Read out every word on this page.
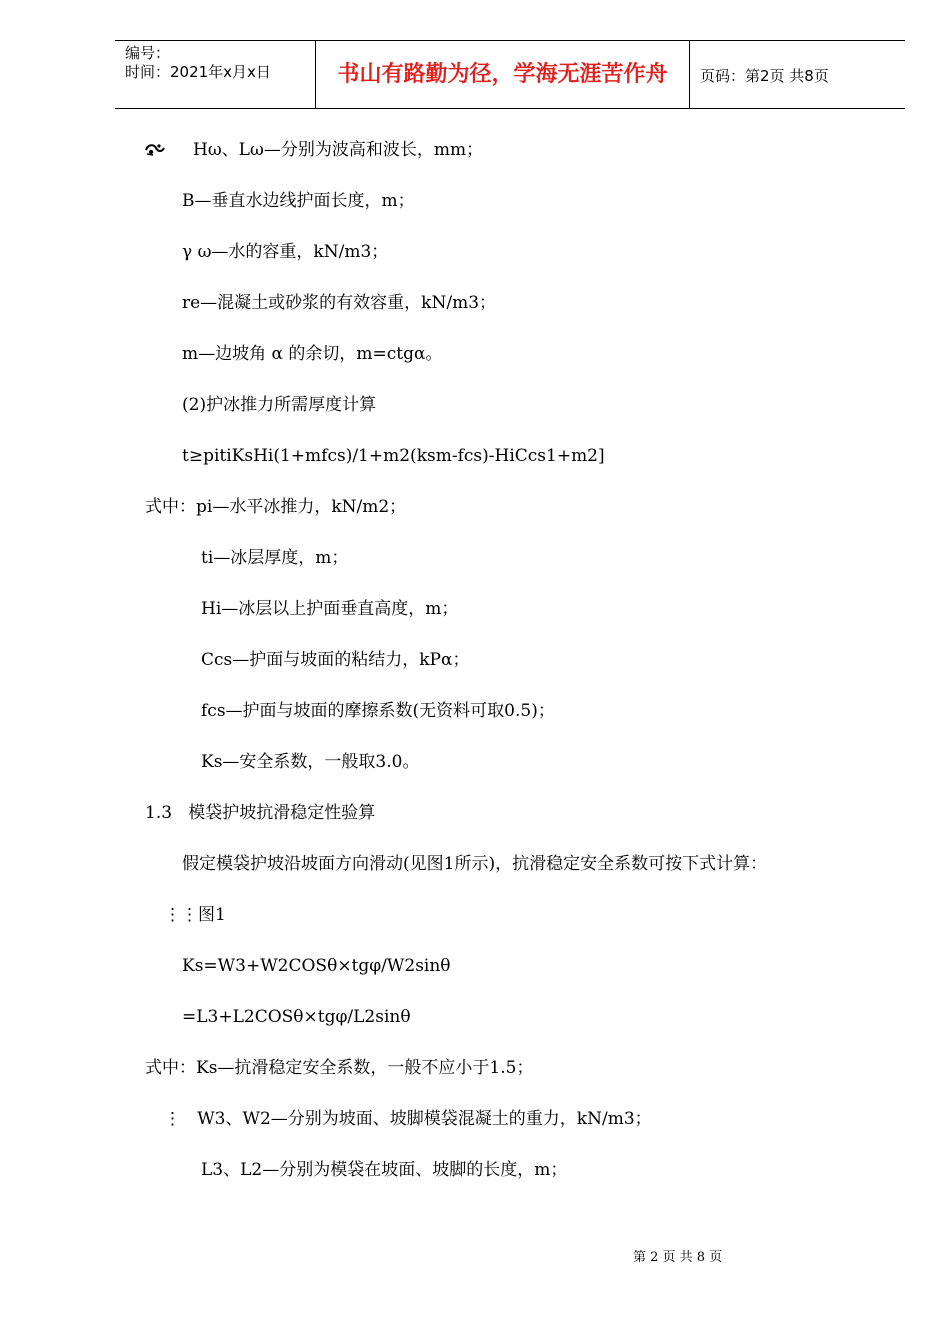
编号：
时间：2021年x月x日	书山有路勤为径，学海无涯苦作舟	页码：第2页 共8页
Hω、Lω—分别为波高和波长，mm；
B—垂直水边线护面长度，m；
γ ω—水的容重，kN/m3；
re—混凝土或砂浆的有效容重，kN/m3；
m—边坡角 α 的余切，m=ctgα。
(2)护冰推力所需厚度计算
t≥pitiKsHi(1+mfcs)/1+m2(ksm-fcs)-HiCcs1+m2]
式中：pi—水平冰推力，kN/m2；
ti—冰层厚度，m；
Hi—冰层以上护面垂直高度，m；
Ccs—护面与坡面的粘结力，kPα；
fcs—护面与坡面的摩擦系数(无资料可取0.5)；
Ks—安全系数，一般取3.0。
1.3   模袋护坡抗滑稳定性验算
假定模袋护坡沿坡面方向滑动(见图1所示)，抗滑稳定安全系数可按下式计算：
⋮⋮图1
Ks=W3+W2COSθ×tgφ/W2sinθ
=L3+L2COSθ×tgφ/L2sinθ
式中：Ks—抗滑稳定安全系数，一般不应小于1.5；
⋮   W3、W2—分别为坡面、坡脚模袋混凝土的重力，kN/m3；
L3、L2—分别为模袋在坡面、坡脚的长度，m；
第 2 页 共 8 页
